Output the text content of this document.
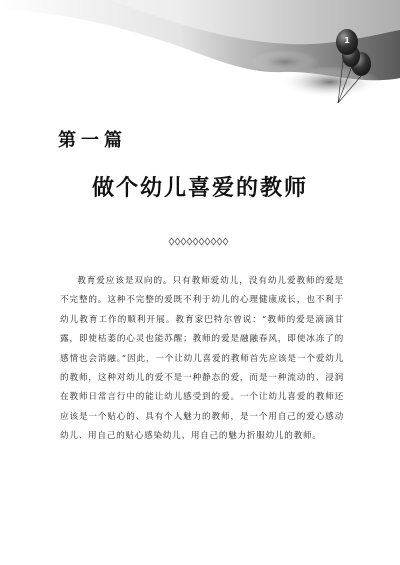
1
第一篇
做个幼儿喜爱的教师

教育爱应该是双向的。只有教师爱幼儿，没有幼儿爱教师的爱是不完整的。这种不完整的爱既不利于幼儿的心理健康成长，也不利于幼儿教育工作的顺利开展。教育家巴特尔曾说：“教师的爱是滴滴甘露，即使枯萎的心灵也能苏醒；教师的爱是融融春风，即使冰冻了的感情也会消融。”因此，一个让幼儿喜爱的教师首先应该是一个爱幼儿的教师，这种对幼儿的爱不是一种静态的爱，而是一种流动的、浸润在教师日常言行中的能让幼儿感受到的爱。一个让幼儿喜爱的教师还应该是一个贴心的、具有个人魅力的教师，是一个用自己的爱心感动幼儿、用自己的贴心感染幼儿、用自己的魅力折服幼儿的教师。
